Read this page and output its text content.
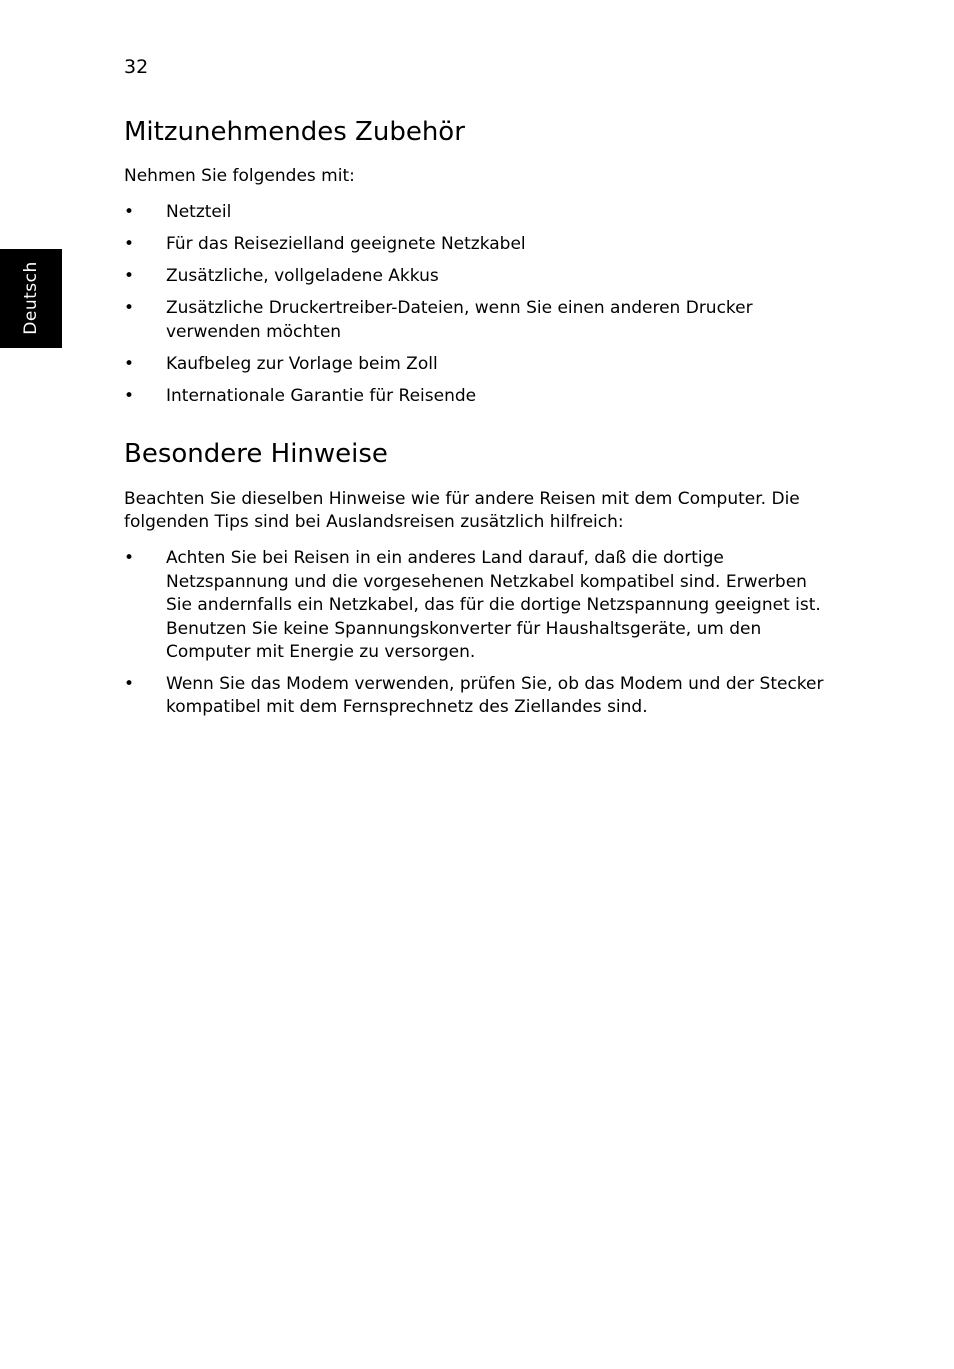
32
Deutsch
Mitzunehmendes Zubehör

Nehmen Sie folgendes mit:

• Netzteil
• Für das Reisezielland geeignete Netzkabel
• Zusätzliche, vollgeladene Akkus
• Zusätzliche Druckertreiber-Dateien, wenn Sie einen anderen Drucker verwenden möchten
• Kaufbeleg zur Vorlage beim Zoll
• Internationale Garantie für Reisende
Besondere Hinweise

Beachten Sie dieselben Hinweise wie für andere Reisen mit dem Computer. Die folgenden Tips sind bei Auslandsreisen zusätzlich hilfreich:

• Achten Sie bei Reisen in ein anderes Land darauf, daß die dortige Netzspannung und die vorgesehenen Netzkabel kompatibel sind. Erwerben Sie andernfalls ein Netzkabel, das für die dortige Netzspannung geeignet ist. Benutzen Sie keine Spannungskonverter für Haushaltsgeräte, um den Computer mit Energie zu versorgen.
• Wenn Sie das Modem verwenden, prüfen Sie, ob das Modem und der Stecker kompatibel mit dem Fernsprechnetz des Ziellandes sind.
